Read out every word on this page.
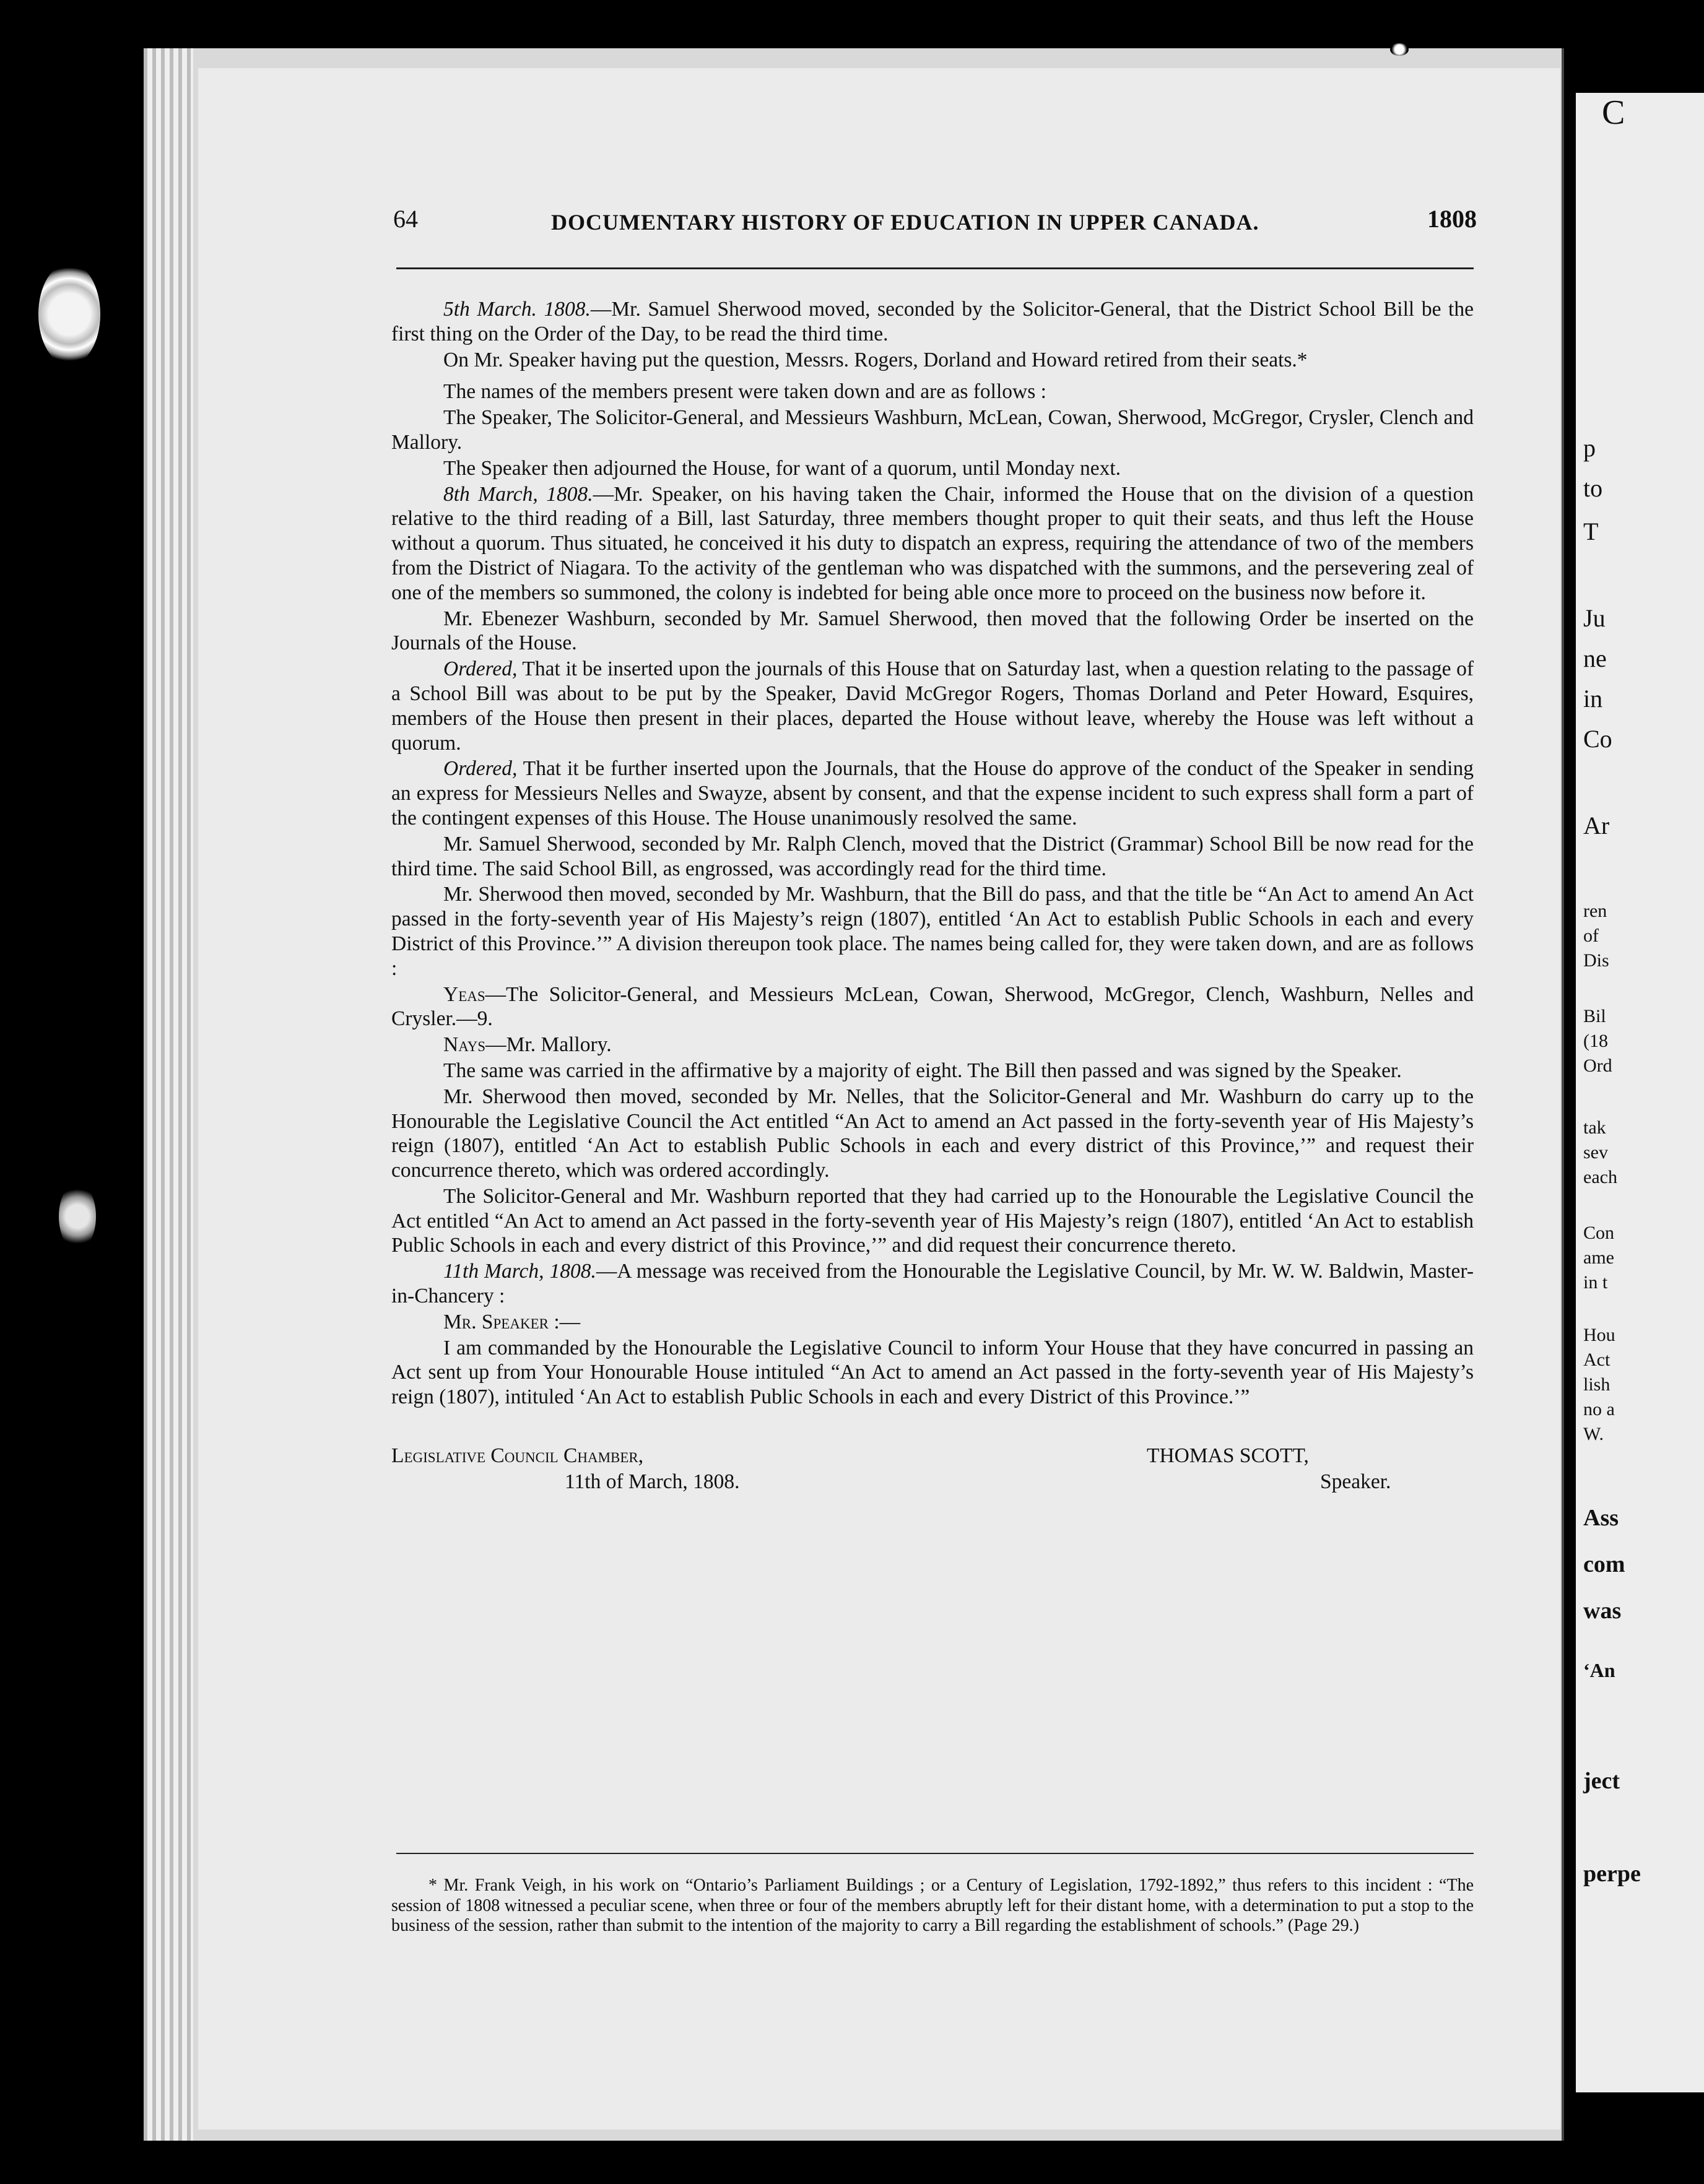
C
p
to
T
Ju
ne
in
Co
Ar
ren
of
Dis
Bil
(18
Ord
tak
sev
each
Con
ame
in t
Hou
Act
lish
no a
W.
Ass
com
was
‘An
ject
perpe
64	DOCUMENTARY HISTORY OF EDUCATION IN UPPER CANADA.	1808

5th March. 1808.—Mr. Samuel Sherwood moved, seconded by the Solicitor-General, that the District School Bill be the first thing on the Order of the Day, to be read the third time.

On Mr. Speaker having put the question, Messrs. Rogers, Dorland and Howard retired from their seats.*

The names of the members present were taken down and are as follows :

The Speaker, The Solicitor-General, and Messieurs Washburn, McLean, Cowan, Sherwood, McGregor, Crysler, Clench and Mallory.

The Speaker then adjourned the House, for want of a quorum, until Monday next.

8th March, 1808.—Mr. Speaker, on his having taken the Chair, informed the House that on the division of a question relative to the third reading of a Bill, last Saturday, three members thought proper to quit their seats, and thus left the House without a quorum. Thus situated, he conceived it his duty to dispatch an express, requiring the attendance of two of the members from the District of Niagara. To the activity of the gentleman who was dispatched with the summons, and the persevering zeal of one of the members so summoned, the colony is indebted for being able once more to proceed on the business now before it.

Mr. Ebenezer Washburn, seconded by Mr. Samuel Sherwood, then moved that the following Order be inserted on the Journals of the House.

Ordered, That it be inserted upon the journals of this House that on Saturday last, when a question relating to the passage of a School Bill was about to be put by the Speaker, David McGregor Rogers, Thomas Dorland and Peter Howard, Esquires, members of the House then present in their places, departed the House without leave, whereby the House was left without a quorum.

Ordered, That it be further inserted upon the Journals, that the House do approve of the conduct of the Speaker in sending an express for Messieurs Nelles and Swayze, absent by consent, and that the expense incident to such express shall form a part of the contingent expenses of this House. The House unanimously resolved the same.

Mr. Samuel Sherwood, seconded by Mr. Ralph Clench, moved that the District (Grammar) School Bill be now read for the third time. The said School Bill, as engrossed, was accordingly read for the third time.

Mr. Sherwood then moved, seconded by Mr. Washburn, that the Bill do pass, and that the title be “An Act to amend An Act passed in the forty-seventh year of His Majesty’s reign (1807), entitled ‘An Act to establish Public Schools in each and every District of this Province.’” A division thereupon took place. The names being called for, they were taken down, and are as follows :

Yeas—The Solicitor-General, and Messieurs McLean, Cowan, Sherwood, McGregor, Clench, Washburn, Nelles and Crysler.—9.

Nays—Mr. Mallory.

The same was carried in the affirmative by a majority of eight. The Bill then passed and was signed by the Speaker.

Mr. Sherwood then moved, seconded by Mr. Nelles, that the Solicitor-General and Mr. Washburn do carry up to the Honourable the Legislative Council the Act entitled “An Act to amend an Act passed in the forty-seventh year of His Majesty’s reign (1807), entitled ‘An Act to establish Public Schools in each and every district of this Province,’” and request their concurrence thereto, which was ordered accordingly.

The Solicitor-General and Mr. Washburn reported that they had carried up to the Honourable the Legislative Council the Act entitled “An Act to amend an Act passed in the forty-seventh year of His Majesty’s reign (1807), entitled ‘An Act to establish Public Schools in each and every district of this Province,’” and did request their concurrence thereto.

11th March, 1808.—A message was received from the Honourable the Legislative Council, by Mr. W. W. Baldwin, Master-in-Chancery :

Mr. Speaker :—

I am commanded by the Honourable the Legislative Council to inform Your House that they have concurred in passing an Act sent up from Your Honourable House intituled “An Act to amend an Act passed in the forty-seventh year of His Majesty’s reign (1807), intituled ‘An Act to establish Public Schools in each and every District of this Province.’”

Legislative Council Chamber,
11th of March, 1808.
THOMAS SCOTT,
Speaker.

* Mr. Frank Veigh, in his work on “Ontario’s Parliament Buildings ; or a Century of Legislation, 1792-1892,” thus refers to this incident : “The session of 1808 witnessed a peculiar scene, when three or four of the members abruptly left for their distant home, with a determination to put a stop to the business of the session, rather than submit to the intention of the majority to carry a Bill regarding the establishment of schools.” (Page 29.)
